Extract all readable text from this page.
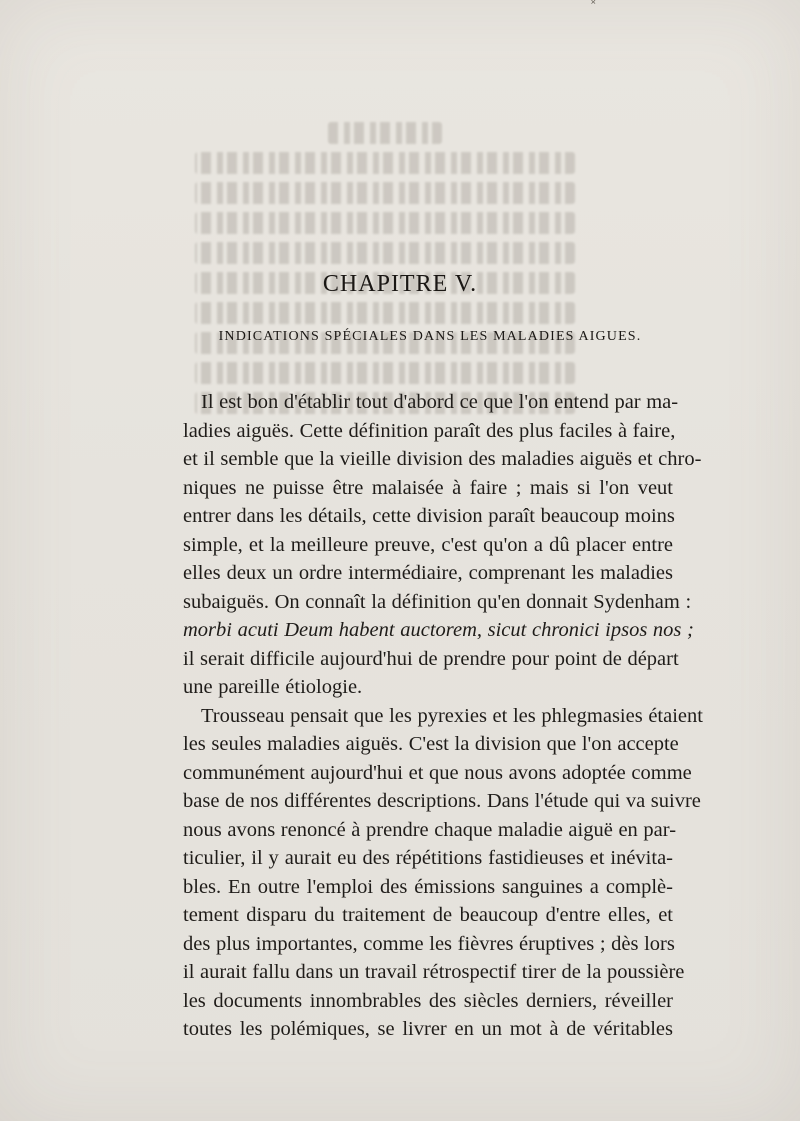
˟
CHAPITRE V.
INDICATIONS SPÉCIALES DANS LES MALADIES AIGUES.
Il est bon d'établir tout d'abord ce que l'on entend par ma-
ladies aiguës. Cette définition paraît des plus faciles à faire,
et il semble que la vieille division des maladies aiguës et chro-
niques ne puisse être malaisée à faire ; mais si l'on veut
entrer dans les détails, cette division paraît beaucoup moins
simple, et la meilleure preuve, c'est qu'on a dû placer entre
elles deux un ordre intermédiaire, comprenant les maladies
subaiguës. On connaît la définition qu'en donnait Sydenham :
morbi acuti Deum habent auctorem, sicut chronici ipsos nos ;
il serait difficile aujourd'hui de prendre pour point de départ
une pareille étiologie.
Trousseau pensait que les pyrexies et les phlegmasies étaient
les seules maladies aiguës. C'est la division que l'on accepte
communément aujourd'hui et que nous avons adoptée comme
base de nos différentes descriptions. Dans l'étude qui va suivre
nous avons renoncé à prendre chaque maladie aiguë en par-
ticulier, il y aurait eu des répétitions fastidieuses et inévita-
bles. En outre l'emploi des émissions sanguines a complè-
tement disparu du traitement de beaucoup d'entre elles, et
des plus importantes, comme les fièvres éruptives ; dès lors
il aurait fallu dans un travail rétrospectif tirer de la poussière
les documents innombrables des siècles derniers, réveiller
toutes les polémiques, se livrer en un mot à de véritables
